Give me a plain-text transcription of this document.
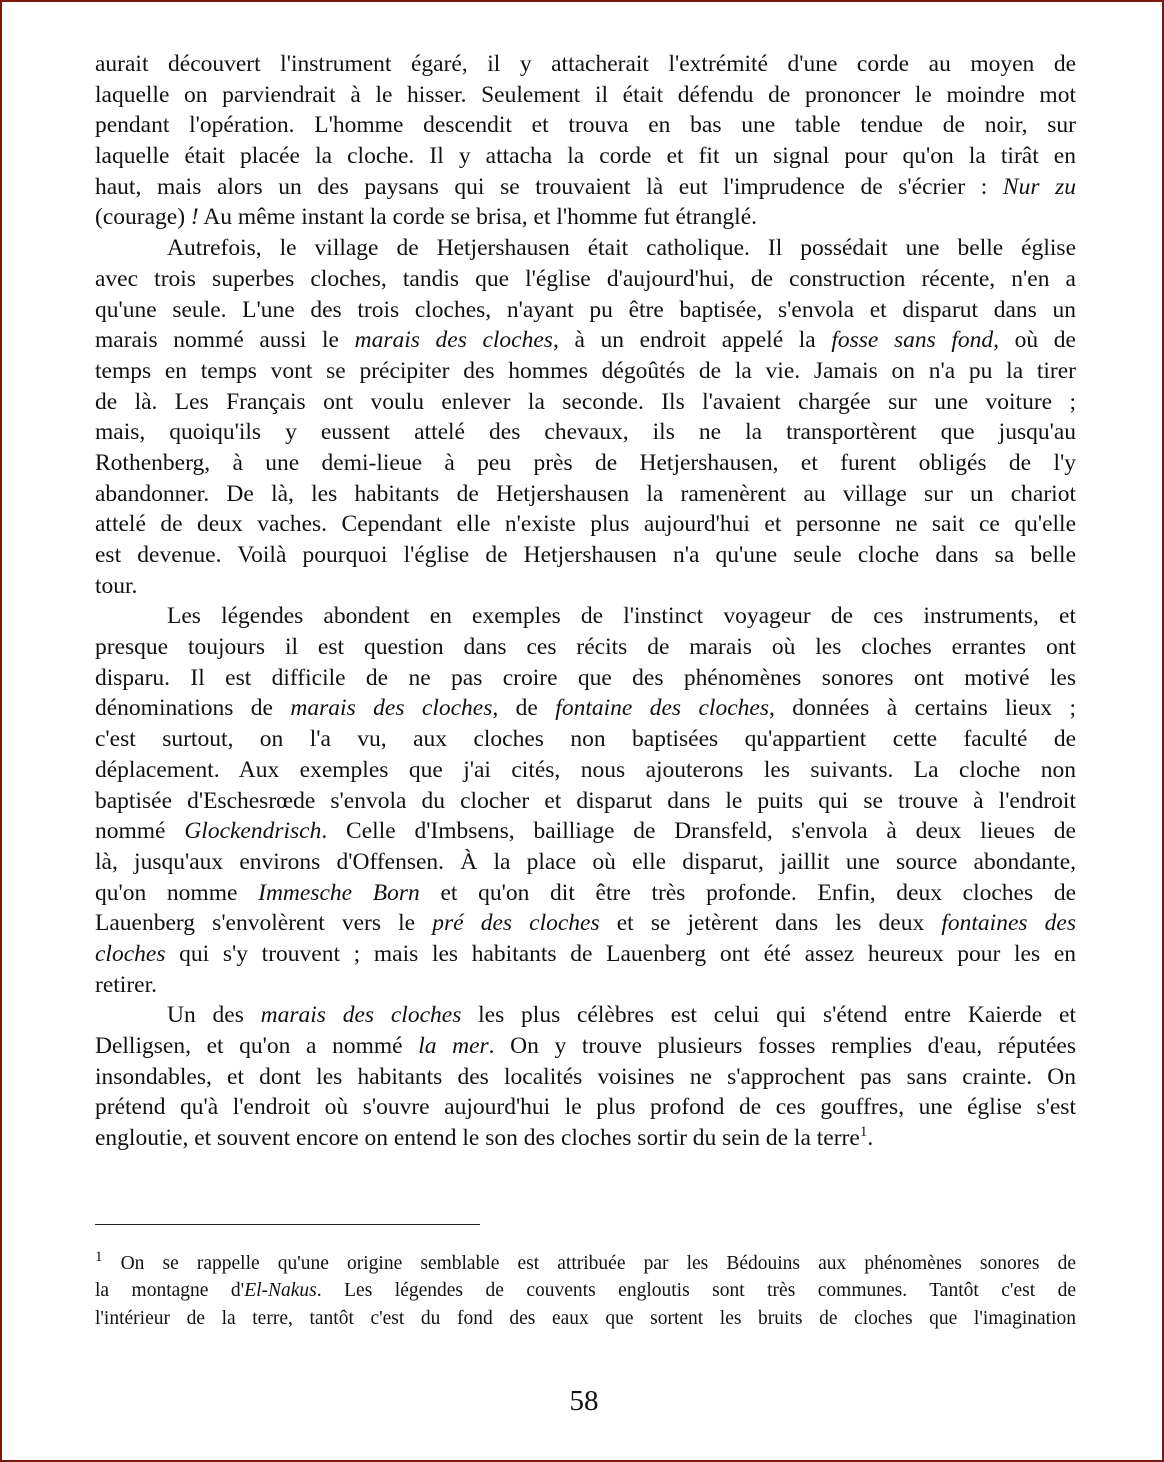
aurait découvert l'instrument égaré, il y attacherait l'extrémité d'une corde au moyen de
laquelle on parviendrait à le hisser. Seulement il était défendu de prononcer le moindre mot
pendant l'opération. L'homme descendit et trouva en bas une table tendue de noir, sur
laquelle était placée la cloche. Il y attacha la corde et fit un signal pour qu'on la tirât en
haut, mais alors un des paysans qui se trouvaient là eut l'imprudence de s'écrier : Nur zu
(courage) ! Au même instant la corde se brisa, et l'homme fut étranglé.
Autrefois, le village de Hetjershausen était catholique. Il possédait une belle église
avec trois superbes cloches, tandis que l'église d'aujourd'hui, de construction récente, n'en a
qu'une seule. L'une des trois cloches, n'ayant pu être baptisée, s'envola et disparut dans un
marais nommé aussi le marais des cloches, à un endroit appelé la fosse sans fond, où de
temps en temps vont se précipiter des hommes dégoûtés de la vie. Jamais on n'a pu la tirer
de là. Les Français ont voulu enlever la seconde. Ils l'avaient chargée sur une voiture ;
mais, quoiqu'ils y eussent attelé des chevaux, ils ne la transportèrent que jusqu'au
Rothenberg, à une demi-lieue à peu près de Hetjershausen, et furent obligés de l'y
abandonner. De là, les habitants de Hetjershausen la ramenèrent au village sur un chariot
attelé de deux vaches. Cependant elle n'existe plus aujourd'hui et personne ne sait ce qu'elle
est devenue. Voilà pourquoi l'église de Hetjershausen n'a qu'une seule cloche dans sa belle
tour.
Les légendes abondent en exemples de l'instinct voyageur de ces instruments, et
presque toujours il est question dans ces récits de marais où les cloches errantes ont
disparu. Il est difficile de ne pas croire que des phénomènes sonores ont motivé les
dénominations de marais des cloches, de fontaine des cloches, données à certains lieux ;
c'est surtout, on l'a vu, aux cloches non baptisées qu'appartient cette faculté de
déplacement. Aux exemples que j'ai cités, nous ajouterons les suivants. La cloche non
baptisée d'Eschesrœde s'envola du clocher et disparut dans le puits qui se trouve à l'endroit
nommé Glockendrisch. Celle d'Imbsens, bailliage de Dransfeld, s'envola à deux lieues de
là, jusqu'aux environs d'Offensen. À la place où elle disparut, jaillit une source abondante,
qu'on nomme Immesche Born et qu'on dit être très profonde. Enfin, deux cloches de
Lauenberg s'envolèrent vers le pré des cloches et se jetèrent dans les deux fontaines des
cloches qui s'y trouvent ; mais les habitants de Lauenberg ont été assez heureux pour les en
retirer.
Un des marais des cloches les plus célèbres est celui qui s'étend entre Kaierde et
Delligsen, et qu'on a nommé la mer. On y trouve plusieurs fosses remplies d'eau, réputées
insondables, et dont les habitants des localités voisines ne s'approchent pas sans crainte. On
prétend qu'à l'endroit où s'ouvre aujourd'hui le plus profond de ces gouffres, une église s'est
engloutie, et souvent encore on entend le son des cloches sortir du sein de la terre$^1$.
$^1$ On se rappelle qu'une origine semblable est attribuée par les Bédouins aux phénomènes sonores de
la montagne d'El-Nakus. Les légendes de couvents engloutis sont très communes. Tantôt c'est de
l'intérieur de la terre, tantôt c'est du fond des eaux que sortent les bruits de cloches que l'imagination
58
